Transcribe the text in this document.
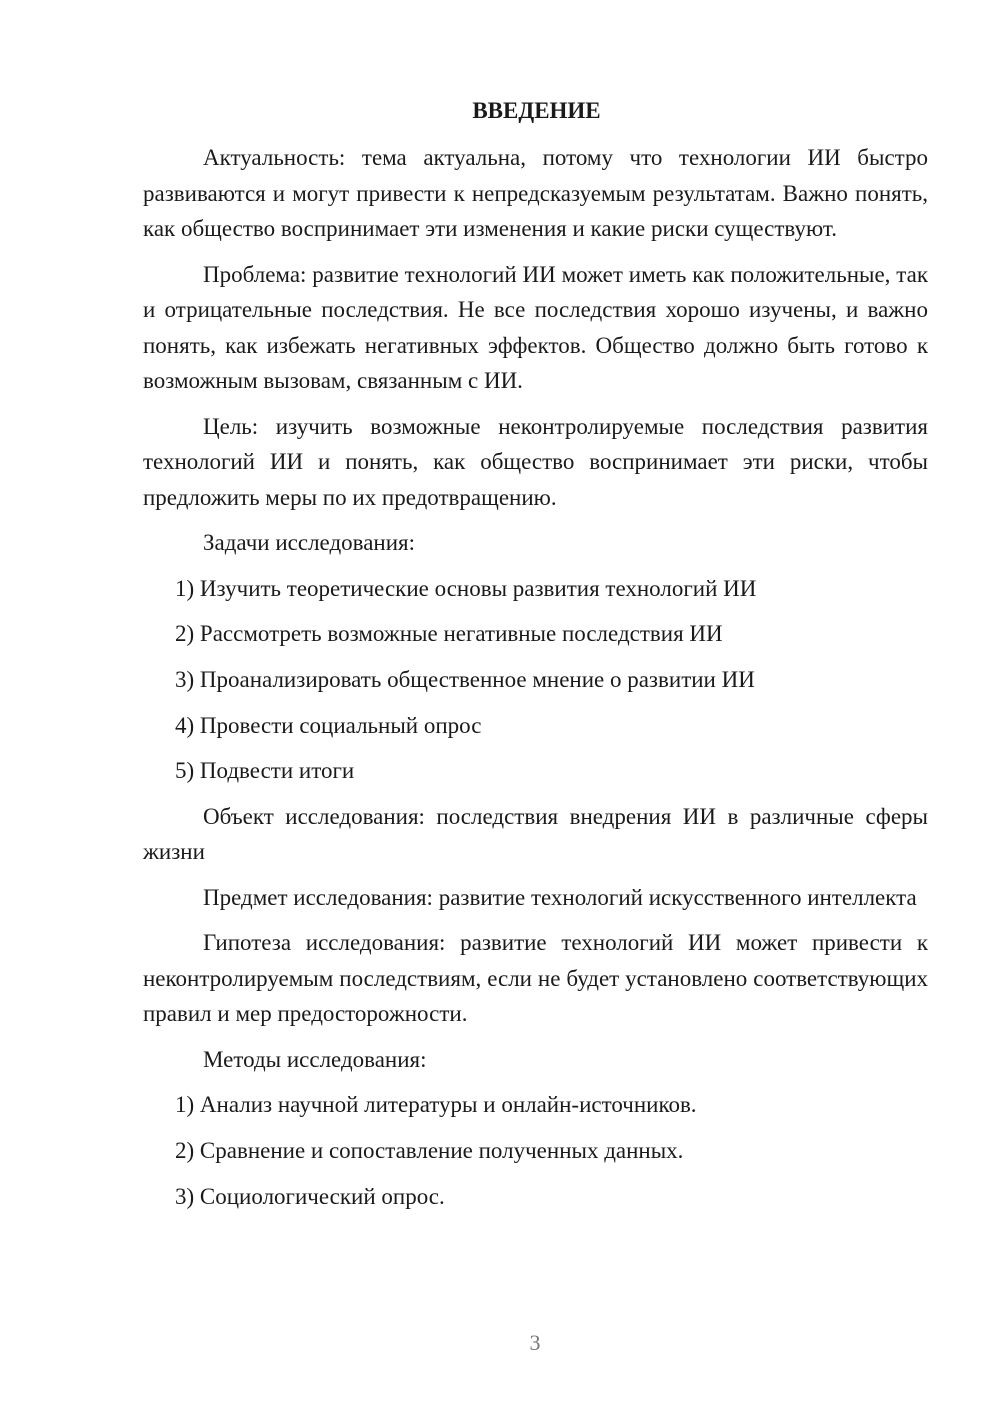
ВВЕДЕНИЕ

Актуальность: тема актуальна, потому что технологии ИИ быстро развиваются и могут привести к непредсказуемым результатам. Важно понять, как общество воспринимает эти изменения и какие риски существуют.

Проблема: развитие технологий ИИ может иметь как положительные, так и отрицательные последствия. Не все последствия хорошо изучены, и важно понять, как избежать негативных эффектов. Общество должно быть готово к возможным вызовам, связанным с ИИ.

Цель: изучить возможные неконтролируемые последствия развития технологий ИИ и понять, как общество воспринимает эти риски, чтобы предложить меры по их предотвращению.

Задачи исследования:

1) Изучить теоретические основы развития технологий ИИ

2) Рассмотреть возможные негативные последствия ИИ

3) Проанализировать общественное мнение о развитии ИИ

4) Провести социальный опрос

5) Подвести итоги

Объект исследования: последствия внедрения ИИ в различные сферы жизни

Предмет исследования: развитие технологий искусственного интеллекта

Гипотеза исследования: развитие технологий ИИ может привести к неконтролируемым последствиям, если не будет установлено соответствующих правил и мер предосторожности.

Методы исследования:

1) Анализ научной литературы и онлайн-источников.

2) Сравнение и сопоставление полученных данных.

3) Социологический опрос.

3
